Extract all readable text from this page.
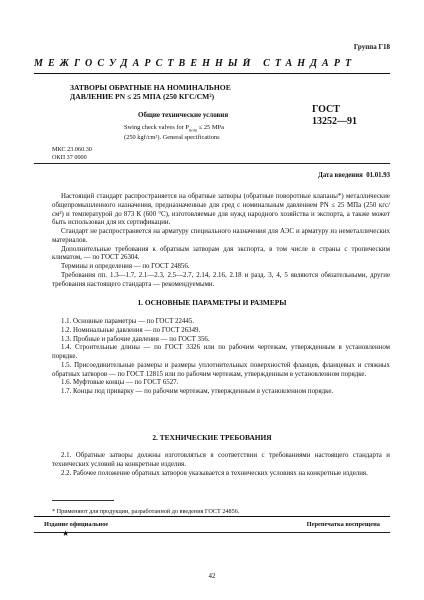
Группа Г18
МЕЖГОСУДАРСТВЕННЫЙ СТАНДАРТ
ЗАТВОРЫ ОБРАТНЫЕ НА НОМИНАЛЬНОЕ
ДАВЛЕНИЕ PN ≤ 25 МПА (250 КГС/СМ²)
ГОСТ
13252—91
Общие технические условия
Swing check valves for $P_{nom} \le 25$ MPa
(250 kgf/cm²). General specifications
МКС 23.060.30
ОКП 37 0000
Дата введения 01.01.93

Настоящий стандарт распространяется на обратные затворы (обратные поворотные клапаны*) металлические общепромышленного назначения, предназначенные для сред с номинальным давлением PN ≤ 25 МПа (250 кгс/см²) и температурой до 873 К (600 °С), изготовляемые для нужд народного хозяйства и экспорта, а также может быть использован для их сертификации.

Стандарт не распространяется на арматуру специального назначения для АЭС и арматуру из неметаллических материалов.

Дополнительные требования к обратным затворам для экспорта, в том числе в страны с тропическим климатом, — по ГОСТ 26304.

Термины и определения — по ГОСТ 24856.

Требования пп. 1.3—1.7, 2.1—2.3, 2.5—2.7, 2.14, 2.16, 2.18 и разд. 3, 4, 5 являются обязательными, другие требования настоящего стандарта — рекомендуемыми.

1. ОСНОВНЫЕ ПАРАМЕТРЫ И РАЗМЕРЫ

1.1. Основные параметры — по ГОСТ 22445.

1.2. Номинальные давления — по ГОСТ 26349.

1.3. Пробные и рабочие давления — по ГОСТ 356.

1.4. Строительные длины — по ГОСТ 3326 или по рабочим чертежам, утвержденным в установленном порядке.

1.5. Присоединительные размеры и размеры уплотнительных поверхностей фланцев, фланцевых и стяжных обратных затворов — по ГОСТ 12815 или по рабочим чертежам, утвержденным в установленном порядке.

1.6. Муфтовые концы — по ГОСТ 6527.

1.7. Концы под приварку — по рабочим чертежам, утвержденным в установленном порядке.

2. ТЕХНИЧЕСКИЕ ТРЕБОВАНИЯ

2.1. Обратные затворы должны изготовляться в соответствии с требованиями настоящего стандарта и технических условий на конкретные изделия.

2.2. Рабочее положение обратных затворов указывается в технических условиях на конкретные изделия.

* Применяют для продукции, разработанной до введения ГОСТ 24856.
Издание официальное
★
Перепечатка воспрещена
42
